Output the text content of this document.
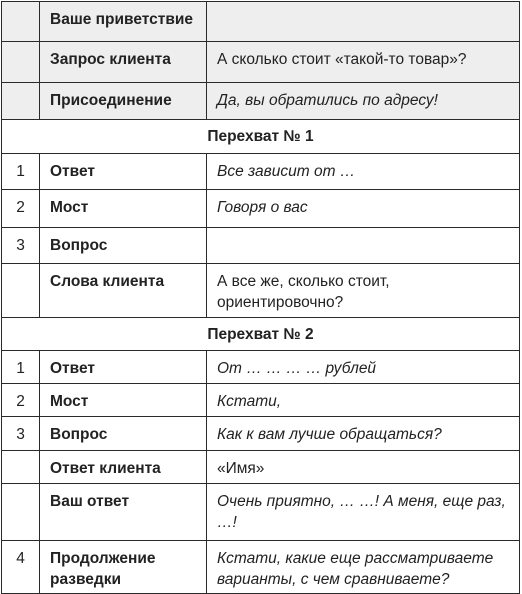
	Ваше приветствие	
	Запрос клиента	А сколько стоит «такой-то товар»?
	Присоединение	Да, вы обратились по адресу!
Перехват № 1		
1	Ответ	Все зависит от …
2	Мост	Говоря о вас
3	Вопрос	
	Слова клиента	А все же, сколько стоит, ориентировочно?
Перехват № 2		
1	Ответ	От … … … … рублей
2	Мост	Кстати,
3	Вопрос	Как к вам лучше обращаться?
	Ответ клиента	«Имя»
	Ваш ответ	Очень приятно, … …! А меня, еще раз, …!
4	Продолжение разведки	Кстати, какие еще рассматриваете варианты, с чем сравниваете?
